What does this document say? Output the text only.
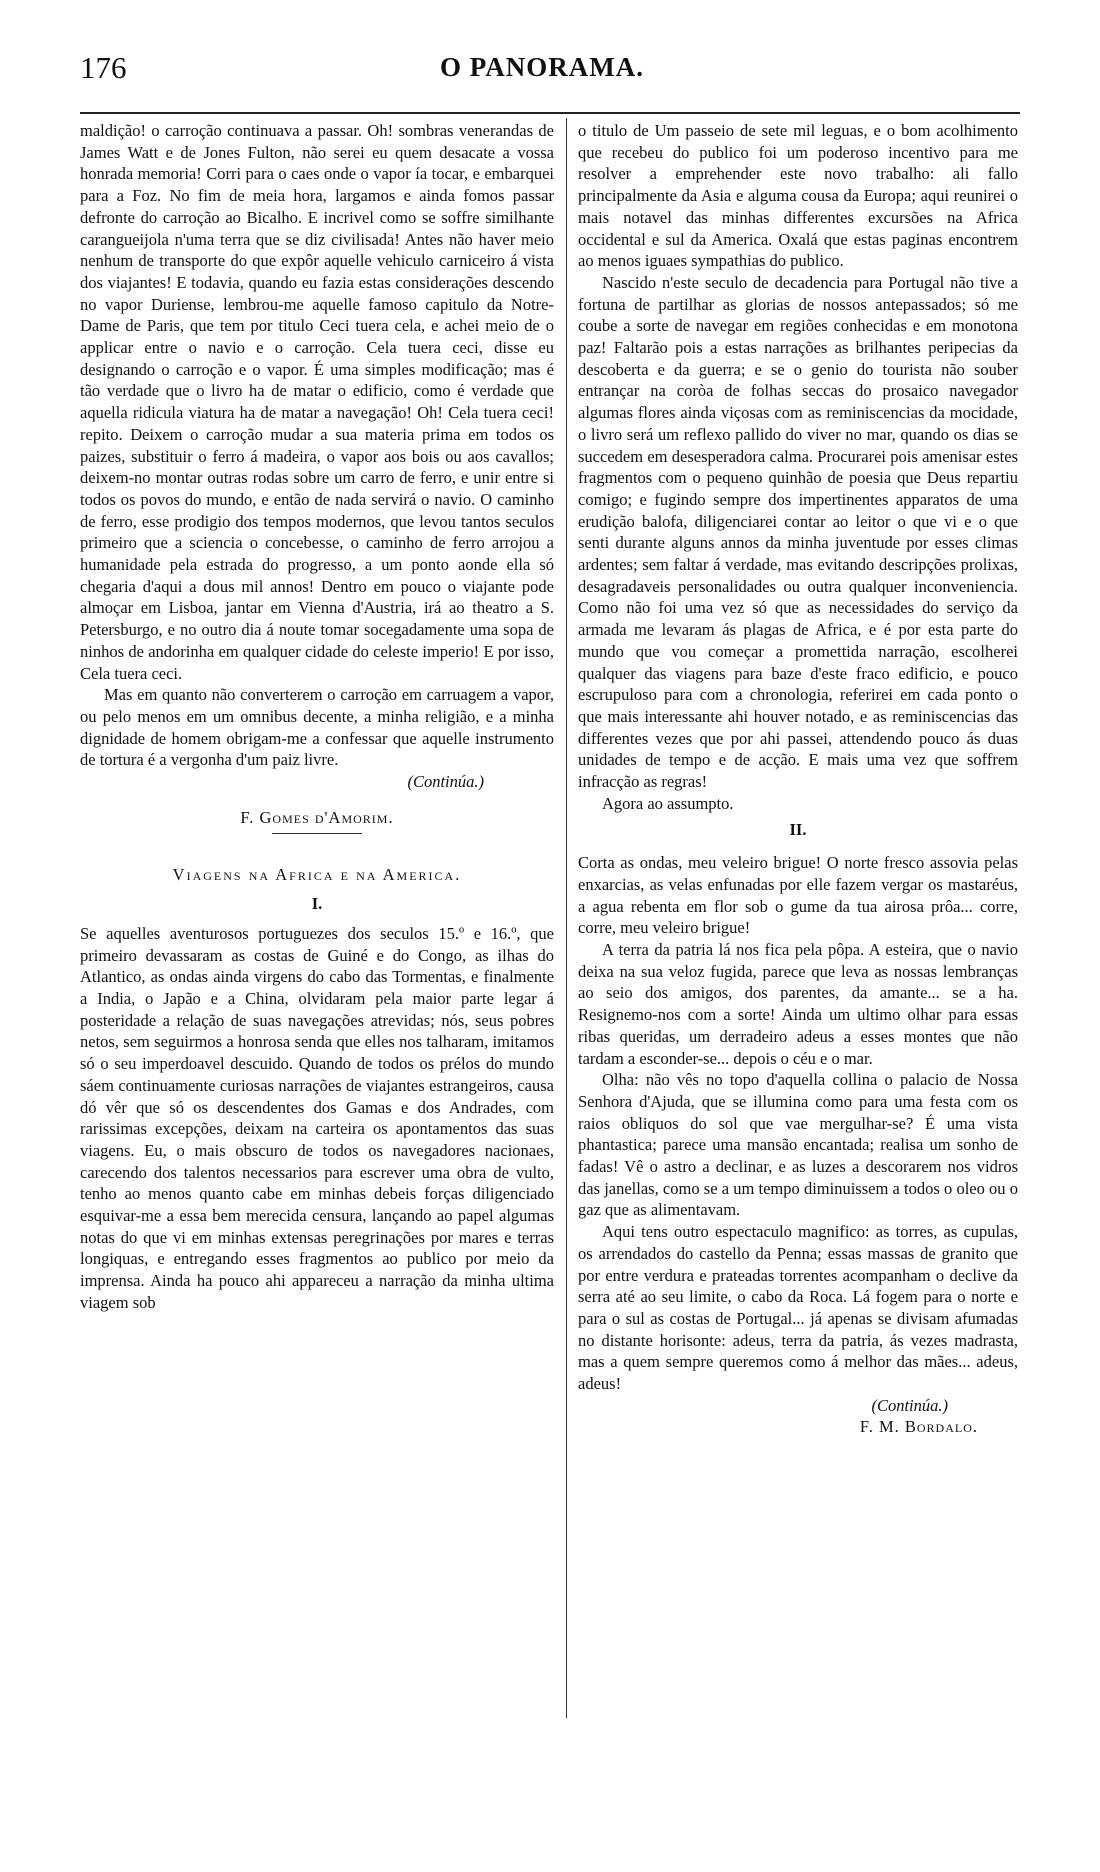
176	O PANORAMA.

maldição! o carroção continuava a passar. Oh! sombras venerandas de James Watt e de Jones Fulton, não serei eu quem desacate a vossa honrada memoria! Corri para o caes onde o vapor ía tocar, e embarquei para a Foz. No fim de meia hora, largamos e ainda fomos passar defronte do carroção ao Bicalho. E incrivel como se soffre similhante carangueijola n'uma terra que se diz civilisada! Antes não haver meio nenhum de transporte do que expôr aquelle vehiculo carniceiro á vista dos viajantes! E todavia, quando eu fazia estas considerações descendo no vapor Duriense, lembrou-me aquelle famoso capitulo da Notre-Dame de Paris, que tem por titulo Ceci tuera cela, e achei meio de o applicar entre o navio e o carroção. Cela tuera ceci, disse eu designando o carroção e o vapor. É uma simples modificação; mas é tão verdade que o livro ha de matar o edificio, como é verdade que aquella ridicula viatura ha de matar a navegação! Oh! Cela tuera ceci! repito. Deixem o carroção mudar a sua materia prima em todos os paizes, substituir o ferro á madeira, o vapor aos bois ou aos cavallos; deixem-no montar outras rodas sobre um carro de ferro, e unir entre si todos os povos do mundo, e então de nada servirá o navio. O caminho de ferro, esse prodigio dos tempos modernos, que levou tantos seculos primeiro que a sciencia o concebesse, o caminho de ferro arrojou a humanidade pela estrada do progresso, a um ponto aonde ella só chegaria d'aqui a dous mil annos! Dentro em pouco o viajante pode almoçar em Lisboa, jantar em Vienna d'Austria, irá ao theatro a S. Petersburgo, e no outro dia á noute tomar socegadamente uma sopa de ninhos de andorinha em qualquer cidade do celeste imperio! E por isso, Cela tuera ceci.

Mas em quanto não converterem o carroção em carruagem a vapor, ou pelo menos em um omnibus decente, a minha religião, e a minha dignidade de homem obrigam-me a confessar que aquelle instrumento de tortura é a vergonha d'um paiz livre.

(Continúa.)

F. Gomes d'Amorim.

Viagens na Africa e na America.

I.

Se aquelles aventurosos portuguezes dos seculos 15.º e 16.º, que primeiro devassaram as costas de Guiné e do Congo, as ilhas do Atlantico, as ondas ainda virgens do cabo das Tormentas, e finalmente a India, o Japão e a China, olvidaram pela maior parte legar á posteridade a relação de suas navegações atrevidas; nós, seus pobres netos, sem seguirmos a honrosa senda que elles nos talharam, imitamos só o seu imperdoavel descuido. Quando de todos os prélos do mundo sáem continuamente curiosas narrações de viajantes estrangeiros, causa dó vêr que só os descendentes dos Gamas e dos Andrades, com rarissimas excepções, deixam na carteira os apontamentos das suas viagens. Eu, o mais obscuro de todos os navegadores nacionaes, carecendo dos talentos necessarios para escrever uma obra de vulto, tenho ao menos quanto cabe em minhas debeis forças diligenciado esquivar-me a essa bem merecida censura, lançando ao papel algumas notas do que vi em minhas extensas peregrinações por mares e terras longiquas, e entregando esses fragmentos ao publico por meio da imprensa. Ainda ha pouco ahi appareceu a narração da minha ultima viagem sob

o titulo de Um passeio de sete mil leguas, e o bom acolhimento que recebeu do publico foi um poderoso incentivo para me resolver a emprehender este novo trabalho: ali fallo principalmente da Asia e alguma cousa da Europa; aqui reunirei o mais notavel das minhas differentes excursões na Africa occidental e sul da America. Oxalá que estas paginas encontrem ao menos iguaes sympathias do publico.

Nascido n'este seculo de decadencia para Portugal não tive a fortuna de partilhar as glorias de nossos antepassados; só me coube a sorte de navegar em regiões conhecidas e em monotona paz! Faltarão pois a estas narrações as brilhantes peripecias da descoberta e da guerra; e se o genio do tourista não souber entrançar na coròa de folhas seccas do prosaico navegador algumas flores ainda viçosas com as reminiscencias da mocidade, o livro será um reflexo pallido do viver no mar, quando os dias se succedem em desesperadora calma. Procurarei pois amenisar estes fragmentos com o pequeno quinhão de poesia que Deus repartiu comigo; e fugindo sempre dos impertinentes apparatos de uma erudição balofa, diligenciarei contar ao leitor o que vi e o que senti durante alguns annos da minha juventude por esses climas ardentes; sem faltar á verdade, mas evitando descripções prolixas, desagradaveis personalidades ou outra qualquer inconveniencia. Como não foi uma vez só que as necessidades do serviço da armada me levaram ás plagas de Africa, e é por esta parte do mundo que vou começar a promettida narração, escolherei qualquer das viagens para baze d'este fraco edificio, e pouco escrupuloso para com a chronologia, referirei em cada ponto o que mais interessante ahi houver notado, e as reminiscencias das differentes vezes que por ahi passei, attendendo pouco ás duas unidades de tempo e de acção. E mais uma vez que soffrem infracção as regras!

Agora ao assumpto.

II.

Corta as ondas, meu veleiro brigue! O norte fresco assovia pelas enxarcias, as velas enfunadas por elle fazem vergar os mastaréus, a agua rebenta em flor sob o gume da tua airosa prôa... corre, corre, meu veleiro brigue!

A terra da patria lá nos fica pela pôpa. A esteira, que o navio deixa na sua veloz fugida, parece que leva as nossas lembranças ao seio dos amigos, dos parentes, da amante... se a ha. Resignemo-nos com a sorte! Ainda um ultimo olhar para essas ribas queridas, um derradeiro adeus a esses montes que não tardam a esconder-se... depois o céu e o mar.

Olha: não vês no topo d'aquella collina o palacio de Nossa Senhora d'Ajuda, que se illumina como para uma festa com os raios obliquos do sol que vae mergulhar-se? É uma vista phantastica; parece uma mansão encantada; realisa um sonho de fadas! Vê o astro a declinar, e as luzes a descorarem nos vidros das janellas, como se a um tempo diminuissem a todos o oleo ou o gaz que as alimentavam.

Aqui tens outro espectaculo magnifico: as torres, as cupulas, os arrendados do castello da Penna; essas massas de granito que por entre verdura e prateadas torrentes acompanham o declive da serra até ao seu limite, o cabo da Roca. Lá fogem para o norte e para o sul as costas de Portugal... já apenas se divisam afumadas no distante horisonte: adeus, terra da patria, ás vezes madrasta, mas a quem sempre queremos como á melhor das mães... adeus, adeus!

(Continúa.)

F. M. Bordalo.
